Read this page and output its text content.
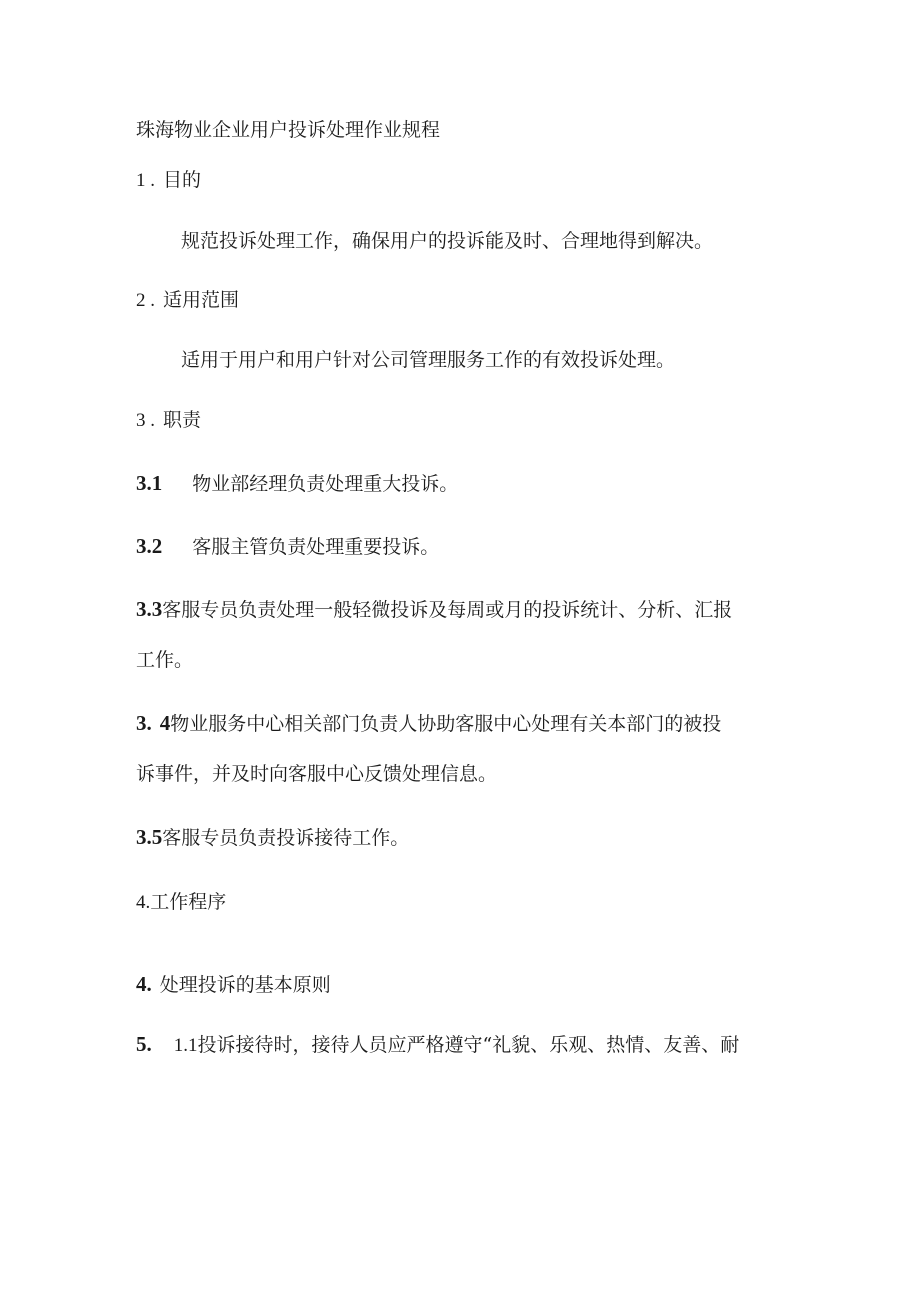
珠海物业企业用户投诉处理作业规程
1 . 目的
规范投诉处理工作，确保用户的投诉能及时、合理地得到解决。
2 . 适用范围
适用于用户和用户针对公司管理服务工作的有效投诉处理。
3 . 职责
3.1 物业部经理负责处理重大投诉。
3.2 客服主管负责处理重要投诉。
3.3客服专员负责处理一般轻微投诉及每周或月的投诉统计、分析、汇报
工作。
3. 4物业服务中心相关部门负责人协助客服中心处理有关本部门的被投
诉事件，并及时向客服中心反馈处理信息。
3.5客服专员负责投诉接待工作。
4.工作程序
4. 处理投诉的基本原则
5. 1.1投诉接待时，接待人员应严格遵守“礼貌、乐观、热情、友善、耐
